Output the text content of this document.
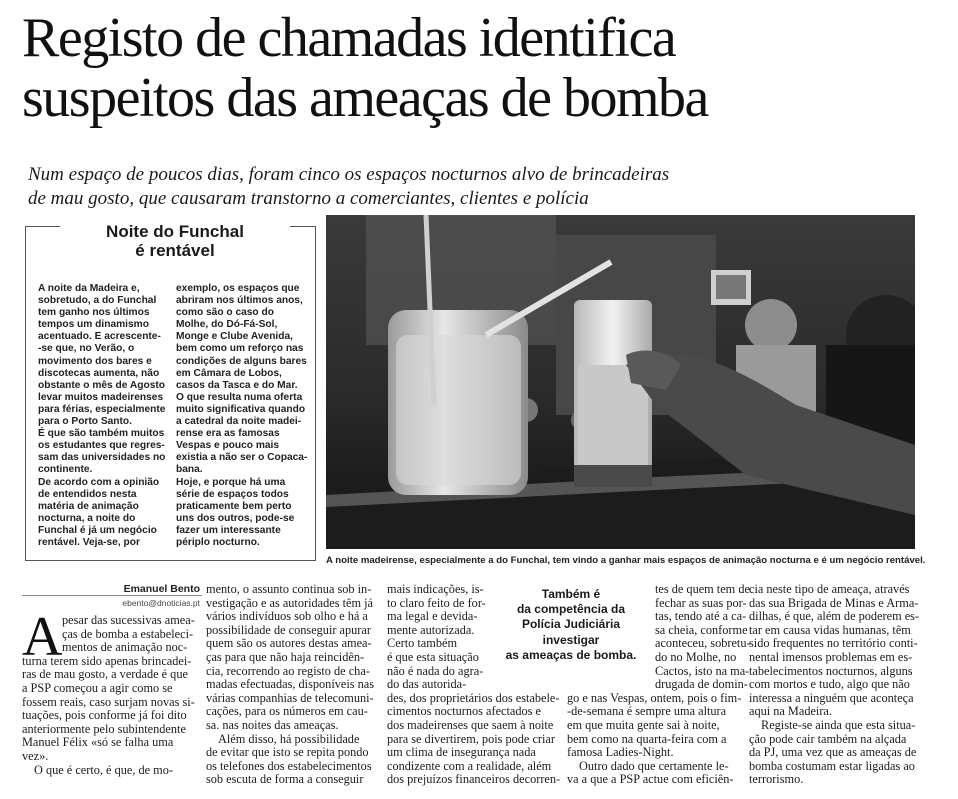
Registo de chamadas identifica
suspeitos das ameaças de bomba
Num espaço de poucos dias, foram cinco os espaços nocturnos alvo de brincadeiras
de mau gosto, que causaram transtorno a comerciantes, clientes e polícia
Noite do Funchal
é rentável
A noite da Madeira e,
sobretudo, a do Funchal
tem ganho nos últimos
tempos um dinamismo
acentuado. E acrescente-
-se que, no Verão, o
movimento dos bares e
discotecas aumenta, não
obstante o mês de Agosto
levar muitos madeirenses
para férias, especialmente
para o Porto Santo.
É que são também muitos
os estudantes que regres-
sam das universidades no
continente.
De acordo com a opinião
de entendidos nesta
matéria de animação
nocturna, a noite do
Funchal é já um negócio
rentável. Veja-se, por
exemplo, os espaços que
abriram nos últimos anos,
como são o caso do
Molhe, do Dó-Fá-Sol,
Monge e Clube Avenida,
bem como um reforço nas
condições de alguns bares
em Câmara de Lobos,
casos da Tasca e do Mar.
O que resulta numa oferta
muito significativa quando
a catedral da noite madei-
rense era as famosas
Vespas e pouco mais
existia a não ser o Copaca-
bana.
Hoje, e porque há uma
série de espaços todos
praticamente bem perto
uns dos outros, pode-se
fazer um interessante
périplo nocturno.
A noite madeirense, especialmente a do Funchal, tem vindo a ganhar mais espaços de animação nocturna e é um negócio rentável.
Emanuel Bento
ebento@dnoticias.pt
A pesar das sucessivas amea-
ças de bomba a estabeleci-
mentos de animação noc-
turna terem sido apenas brincadei-
ras de mau gosto, a verdade é que
a PSP começou a agir como se
fossem reais, caso surjam novas si-
tuações, pois conforme já foi dito
anteriormente pelo subintendente
Manuel Félix «só se falha uma
vez».
O que é certo, é que, de mo-
mento, o assunto continua sob in-
vestigação e as autoridades têm já
vários indivíduos sob olho e há a
possibilidade de conseguir apurar
quem são os autores destas amea-
ças para que não haja reincidên-
cia, recorrendo ao registo de cha-
madas efectuadas, disponíveis nas
várias companhias de telecomuni-
cações, para os números em cau-
sa. nas noites das ameaças.
Além disso, há possibilidade
de evitar que isto se repita pondo
os telefones dos estabelecimentos
sob escuta de forma a conseguir
mais indicações, is-
to claro feito de for-
ma legal e devida-
mente autorizada.
Certo também
é que esta situação
não é nada do agra-
do das autorida-
des, dos proprietários dos estabele-
cimentos nocturnos afectados e
dos madeirenses que saem à noite
para se divertirem, pois pode criar
um clima de insegurança nada
condizente com a realidade, além
dos prejuízos financeiros decorren-
tes de quem tem de
fechar as suas por-
tas, tendo até a ca-
sa cheia, conforme
aconteceu, sobretu-
do no Molhe, no
Cactos, isto na ma-
drugada de domin-
go e nas Vespas, ontem, pois o fim-
-de-semana é sempre uma altura
em que muita gente sai à noite,
bem como na quarta-feira com a
famosa Ladies-Night.
Outro dado que certamente le-
va a que a PSP actue com eficiên-
cia neste tipo de ameaça, através
das sua Brigada de Minas e Arma-
dilhas, é que, além de poderem es-
tar em causa vidas humanas, têm
sido frequentes no território conti-
nental imensos problemas em es-
tabelecimentos nocturnos, alguns
com mortos e tudo, algo que não
interessa a ninguém que aconteça
aqui na Madeira.
Registe-se ainda que esta situa-
ção pode cair também na alçada
da PJ, uma vez que as ameaças de
bomba costumam estar ligadas ao
terrorismo.
Também é
da competência da
Polícia Judiciária
investigar
as ameaças de bomba.
